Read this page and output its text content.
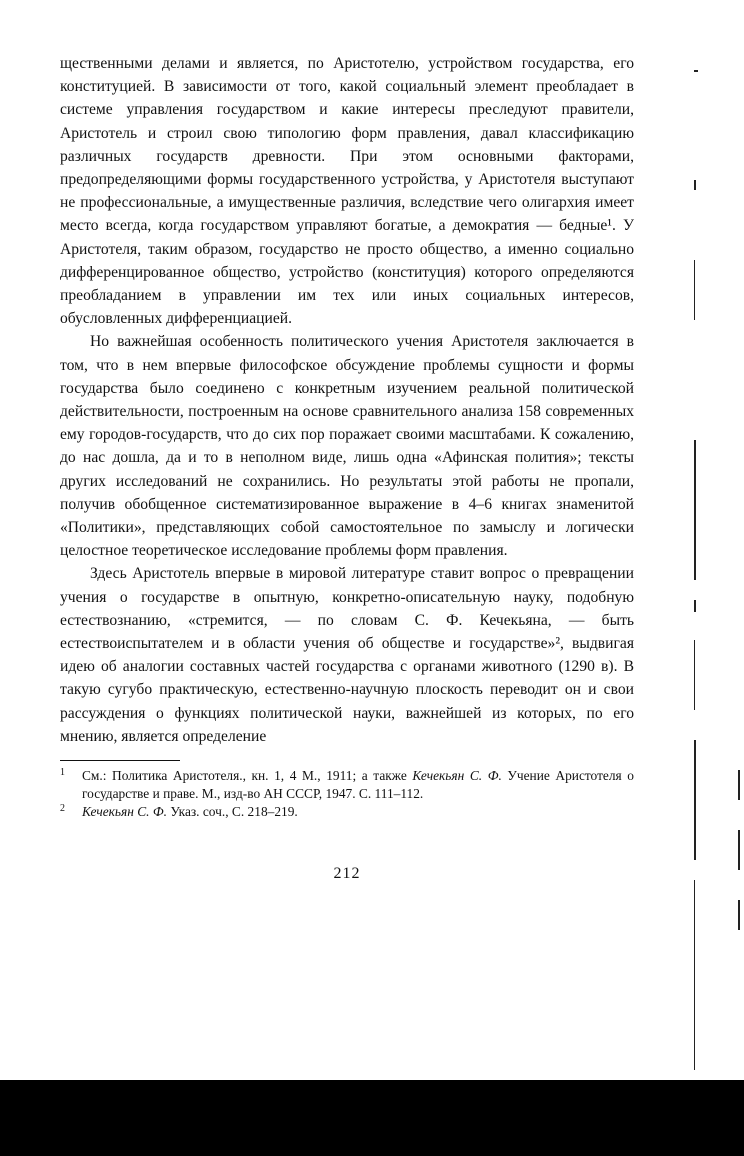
щественными делами и является, по Аристотелю, устройством государства, его конституцией. В зависимости от того, какой социальный элемент преобладает в системе управления государством и какие интересы преследуют правители, Аристотель и строил свою типологию форм правления, давал классификацию различных государств древности. При этом основными факторами, предопределяющими формы государственного устройства, у Аристотеля выступают не профессиональные, а имущественные различия, вследствие чего олигархия имеет место всегда, когда государством управляют богатые, а демократия — бедные¹. У Аристотеля, таким образом, государство не просто общество, а именно социально дифференцированное общество, устройство (конституция) которого определяются преобладанием в управлении им тех или иных социальных интересов, обусловленных дифференциацией.

Но важнейшая особенность политического учения Аристотеля заключается в том, что в нем впервые философское обсуждение проблемы сущности и формы государства было соединено с конкретным изучением реальной политической действительности, построенным на основе сравнительного анализа 158 современных ему городов-государств, что до сих пор поражает своими масштабами. К сожалению, до нас дошла, да и то в неполном виде, лишь одна «Афинская полития»; тексты других исследований не сохранились. Но результаты этой работы не пропали, получив обобщенное систематизированное выражение в 4–6 книгах знаменитой «Политики», представляющих собой самостоятельное по замыслу и логически целостное теоретическое исследование проблемы форм правления.

Здесь Аристотель впервые в мировой литературе ставит вопрос о превращении учения о государстве в опытную, конкретно-описательную науку, подобную естествознанию, «стремится, — по словам С. Ф. Кечекьяна, — быть естествоиспытателем и в области учения об обществе и государстве»², выдвигая идею об аналогии составных частей государства с органами животного (1290 в). В такую сугубо практическую, естественно-научную плоскость переводит он и свои рассуждения о функциях политической науки, важнейшей из которых, по его мнению, является определение

1 См.: Политика Аристотеля., кн. 1, 4 М., 1911; а также Кечекьян С. Ф. Учение Аристотеля о государстве и праве. М., изд-во АН СССР, 1947. С. 111–112.

2 Кечекьян С. Ф. Указ. соч., С. 218–219.

212
